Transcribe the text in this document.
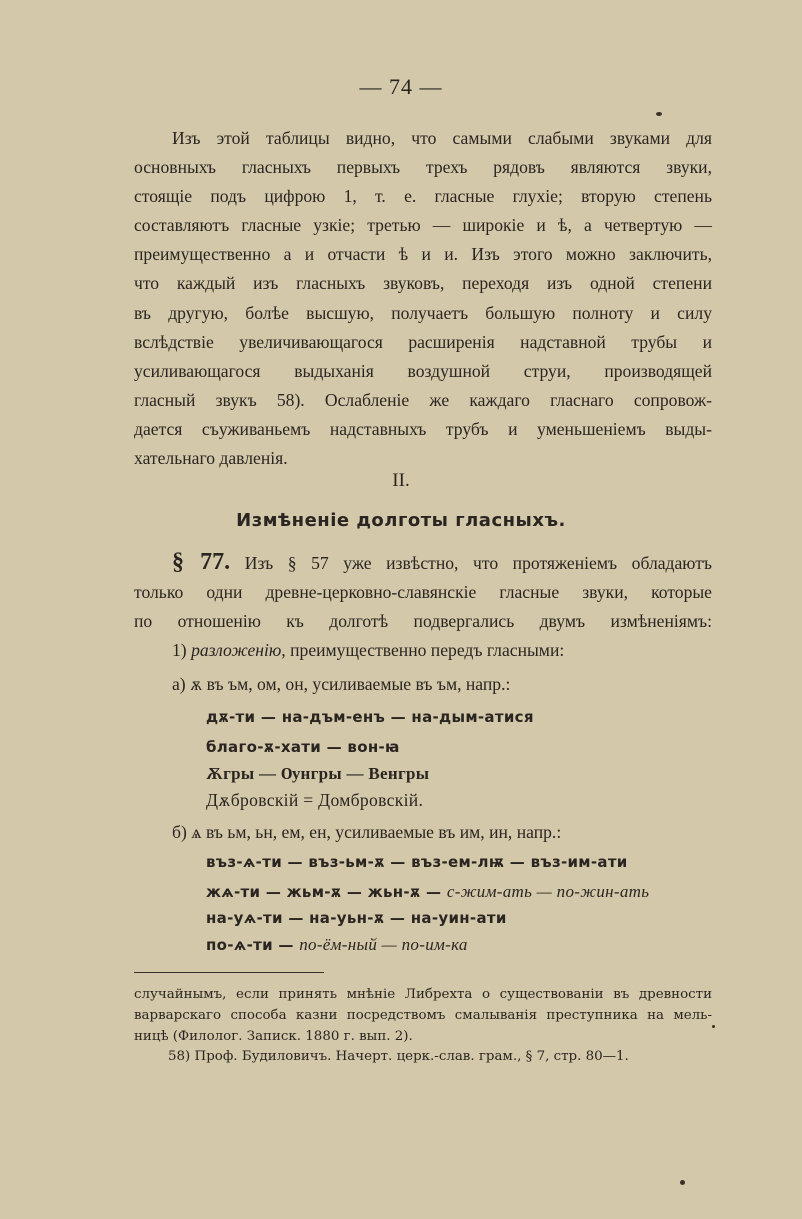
— 74 —
Изъ этой таблицы видно, что самыми слабыми звуками для
основныхъ гласныхъ первыхъ трехъ рядовъ являются звуки,
стоящіе подъ цифрою 1, т. е. гласные глухіе; вторую степень
составляютъ гласные узкіе; третью — широкіе и ѣ, а четвертую —
преимущественно а и отчасти ѣ и и. Изъ этого можно заключить,
что каждый изъ гласныхъ звуковъ, переходя изъ одной степени
въ другую, болѣе высшую, получаетъ большую полноту и силу
вслѣдствіе увеличивающагося расширенія надставной трубы и
усиливающагося выдыханія воздушной струи, производящей
гласный звукъ 58). Ослабленіе же каждаго гласнаго сопровож-
дается съуживаньемъ надставныхъ трубъ и уменьшеніемъ выды-
хательнаго давленія.
II.
Измѣненіе долготы гласныхъ.
§ 77. Изъ § 57 уже извѣстно, что протяженіемъ обладаютъ
только одни древне-церковно-славянскіе гласные звуки, которые
по отношенію къ долготѣ подвергались двумъ измѣненіямъ:
1) разложенію, преимущественно передъ гласными:
а) ѫ въ ъм, ом, он, усиливаемые въ ъм, напр.:
дѫ-ти — на-дъм-енъ — на-дым-атися
благо-ѫ-хати — вон-ꙗ
Ѫгры — Ѹнгры — Венгры
Дѫбровскій = Домбровскій.
б) ѧ въ ьм, ьн, ем, ен, усиливаемые въ им, ин, напр.:
въз-ѧ-ти — въз-ьм-ѫ — въз-ем-лѭ — въз-им-ати
жѧ-ти — жьм-ѫ — жьн-ѫ — с-жим-ать — по-жин-ать
на-уѧ-ти — на-уьн-ѫ — на-уин-ати
по-ѧ-ти — по-ём-ный — по-им-ка
случайнымъ, если принять мнѣніе Либрехта о существованіи въ древности
варварскаго способа казни посредствомъ смалыванія преступника на мель-
ницѣ (Филолог. Записк. 1880 г. вып. 2).
58) Проф. Будиловичъ. Начерт. церк.-слав. грам., § 7, стр. 80—1.
